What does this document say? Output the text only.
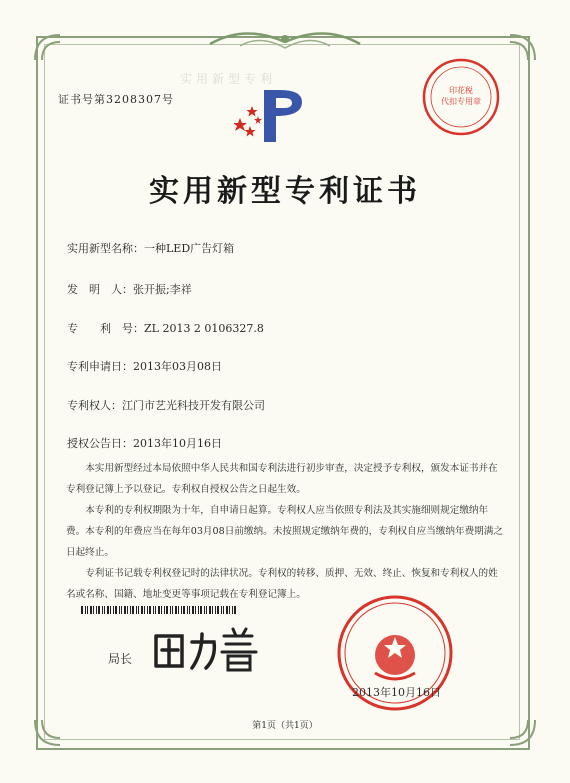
实用新型专利
证书号第3208307号
实用新型专利证书
实用新型名称：一种LED广告灯箱
发　明　人：张开振;李祥
专　　利　号：ZL 2013 2 0106327.8
专利申请日：2013年03月08日
专利权人：江门市艺光科技开发有限公司
授权公告日：2013年10月16日

本实用新型经过本局依照中华人民共和国专利法进行初步审查，决定授予专利权，颁发本证书并在专利登记簿上予以登记。专利权自授权公告之日起生效。

本专利的专利权期限为十年，自申请日起算。专利权人应当依照专利法及其实施细则规定缴纳年费。本专利的年费应当在每年03月08日前缴纳。未按照规定缴纳年费的，专利权自应当缴纳年费期满之日起终止。

专利证书记载专利权登记时的法律状况。专利权的转移、质押、无效、终止、恢复和专利权人的姓名或名称、国籍、地址变更等事项记载在专利登记簿上。

局长
印花税
代扣专用章
2013年10月16日
第1页（共1页）
